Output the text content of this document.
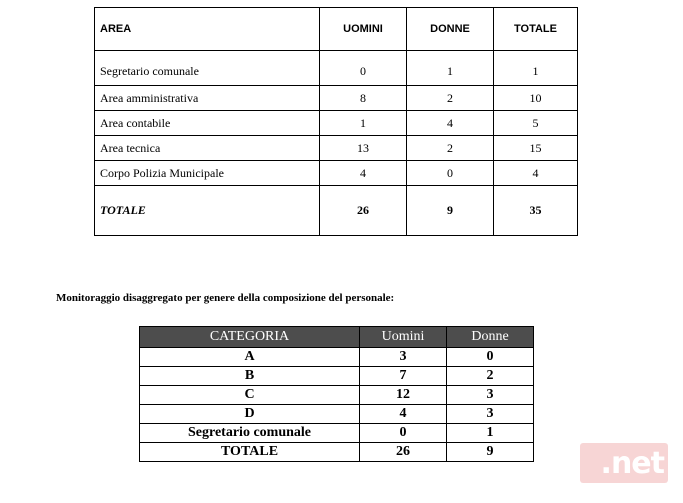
AREA	UOMINI	DONNE	TOTALE
Segretario comunale	0	1	1
Area amministrativa	8	2	10
Area contabile	1	4	5
Area tecnica	13	2	15
Corpo Polizia Municipale	4	0	4
TOTALE	26	9	35
Monitoraggio disaggregato per genere della composizione del personale:
CATEGORIA	Uomini	Donne
A	3	0
B	7	2
C	12	3
D	4	3
Segretario comunale	0	1
TOTALE	26	9	.net
